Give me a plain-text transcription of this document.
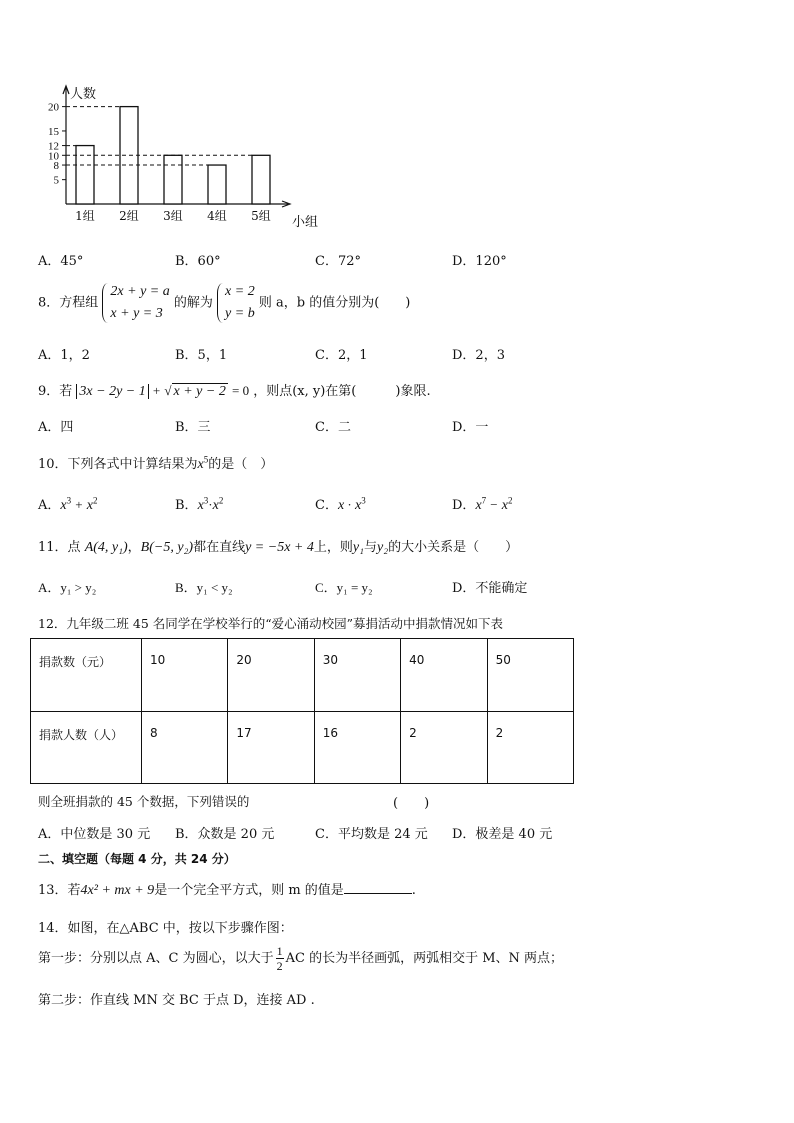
人数
小组
5
8
10
12
15
20
1组 2组 3组 4组 5组
A．45°	B．60°	C．72°	D．120°
8．方程组 2x + y = a
x + y = 3 的解为 x = 2
y = b 则 a，b 的值分别为(　　)
A．1，2	B．5，1	C．2，1	D．2，3
9．若 3x − 2y − 1 + √ x + y − 2 = 0 ，则点(x, y)在第(　　　)象限.
A．四	B．三	C．二	D．一
10．下列各式中计算结果为$x^5$的是（　）
A．$x^3 + x^2$	B．$x^3\cdot x^2$	C．$x \cdot x^3$	D．$x^7 - x^2$
11．点 A(4, y₁)，B(−5, y₂)都在直线y = −5x + 4上，则y₁与y₂的大小关系是（　　）
A．y₁ > y₂	B．y₁ < y₂	C．y₁ = y₂	D．不能确定
12．九年级二班 45 名同学在学校举行的“爱心涌动校园”募捐活动中捐款情况如下表
捐款数（元）	10	20	30	40	50
捐款人数（人）	8	17	16	2	2
则全班捐款的 45 个数据，下列错误的	(　　)
A．中位数是 30 元 B．众数是 20 元	C．平均数是 24 元 D．极差是 40 元
二、填空题（每题 4 分，共 24 分）
13．若4x² + mx + 9是一个完全平方式，则 m 的值是	.
14．如图，在△ABC 中，按以下步骤作图：
第一步：分别以点 A、C 为圆心，以大于 $\frac{1}{2}$ AC 的长为半径画弧，两弧相交于 M、N 两点；
第二步：作直线 MN 交 BC 于点 D，连接 AD .
